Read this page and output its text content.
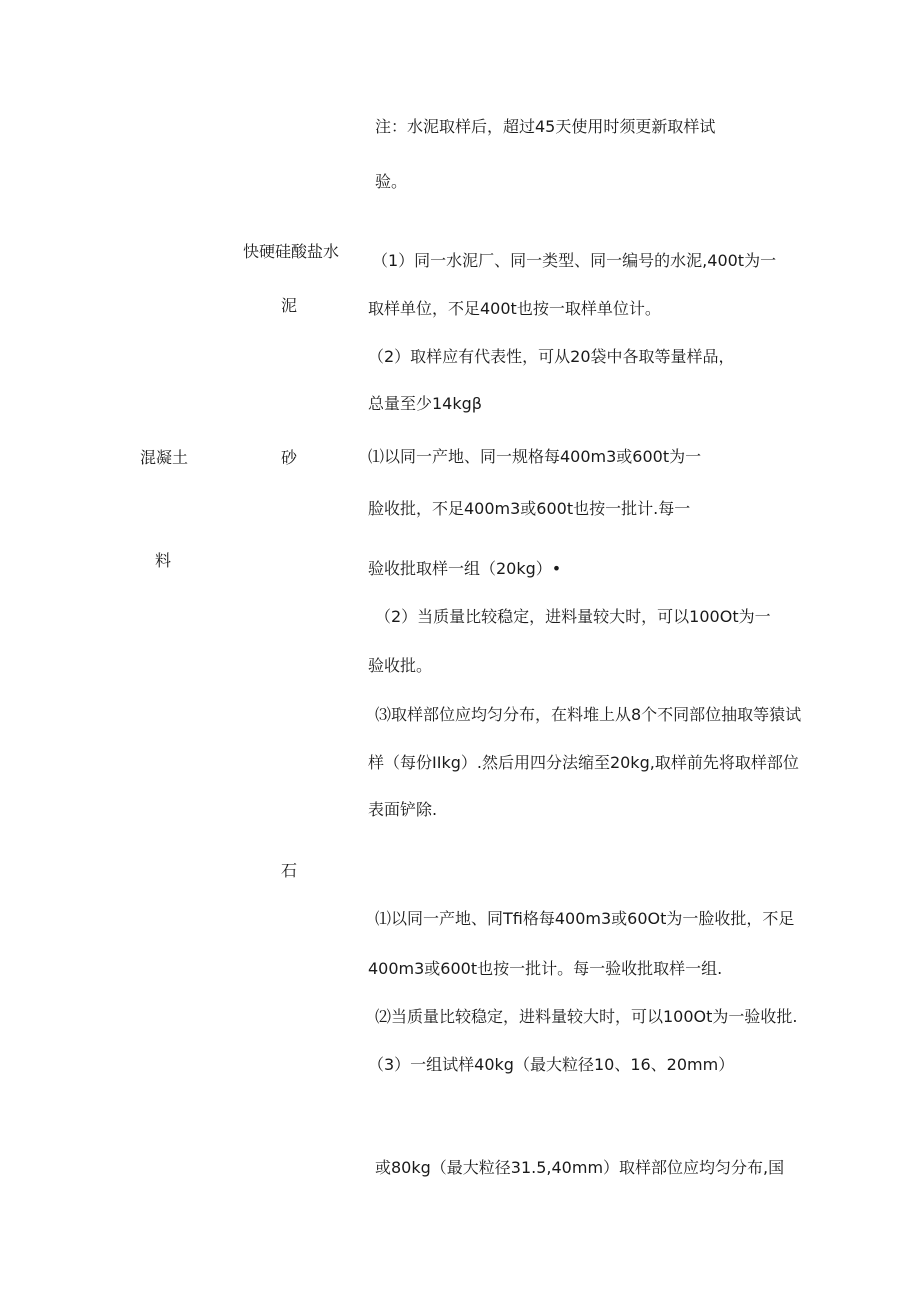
注：水泥取样后，超过45天使用时须更新取样试
验。
混凝土
料
快硬硅酸盐水
泥
砂
石
（1）同一水泥厂、同一类型、同一编号的水泥,400t为一
取样单位，不足400t也按一取样单位计。
（2）取样应有代表性，可从20袋中各取等量样品，
总量至少14kgβ
⑴以同一产地、同一规格每400m3或600t为一
脸收批，不足400m3或600t也按一批计.每一
验收批取样一组（20kg）•
（2）当质量比较稳定，进料量较大时，可以100Ot为一
验收批。
⑶取样部位应均匀分布，在料堆上从8个不同部位抽取等猿试
样（每份IIkg）.然后用四分法缩至20kg,取样前先将取样部位
表面铲除.
⑴以同一产地、同Tfi格每400m3或60Ot为一脸收批，不足
400m3或600t也按一批计。每一验收批取样一组.
⑵当质量比较稳定，进料量较大时，可以100Ot为一验收批.
（3）一组试样40kg（最大粒径10、16、20mm）
或80kg（最大粒径31.5,40mm）取样部位应均匀分布,国
